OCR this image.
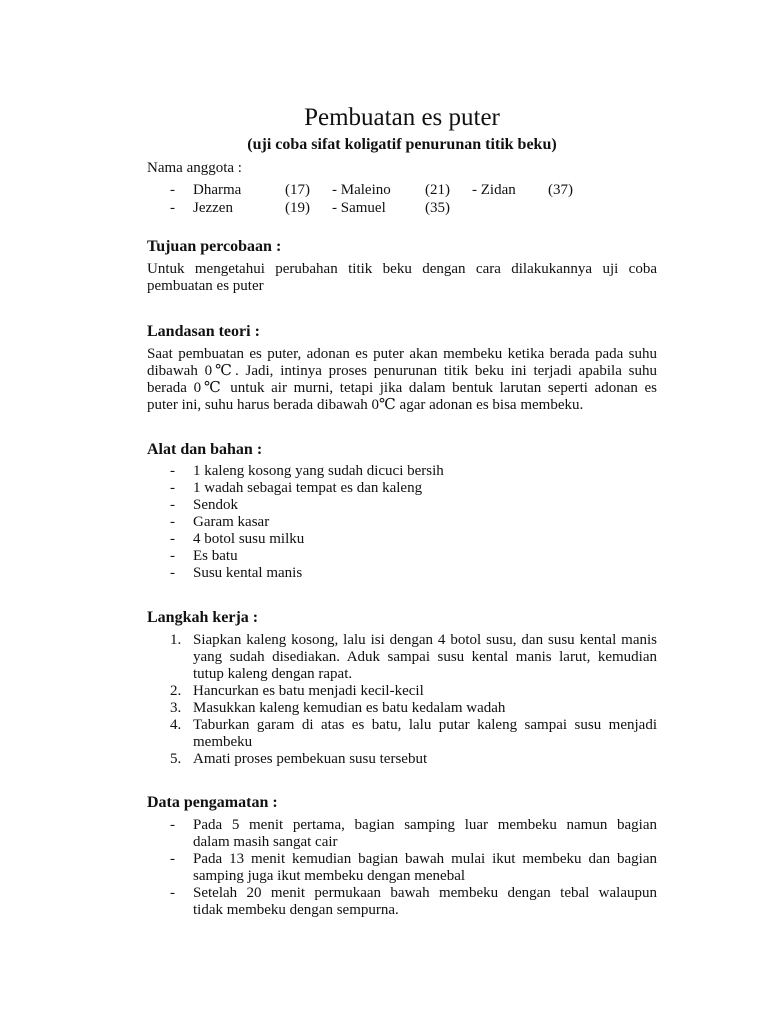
Pembuatan es puter
(uji coba sifat koligatif penurunan titik beku)
Nama anggota :
- Dharma	(17) - Maleino (21) - Zidan (37)
- Jezzen	(19) - Samuel	(35)
Tujuan percobaan :
Untuk mengetahui perubahan titik beku dengan cara dilakukannya uji coba
pembuatan es puter
Landasan teori :
Saat pembuatan es puter, adonan es puter akan membeku ketika berada pada suhu
dibawah 0℃. Jadi, intinya proses penurunan titik beku ini terjadi apabila suhu
berada 0℃ untuk air murni, tetapi jika dalam bentuk larutan seperti adonan es
puter ini, suhu harus berada dibawah 0℃ agar adonan es bisa membeku.
Alat dan bahan :
- 1 kaleng kosong yang sudah dicuci bersih
- 1 wadah sebagai tempat es dan kaleng
- Sendok
- Garam kasar
- 4 botol susu milku
- Es batu
- Susu kental manis
Langkah kerja :
1. Siapkan kaleng kosong, lalu isi dengan 4 botol susu, dan susu kental manis
yang sudah disediakan. Aduk sampai susu kental manis larut, kemudian
tutup kaleng dengan rapat.
2. Hancurkan es batu menjadi kecil-kecil
3. Masukkan kaleng kemudian es batu kedalam wadah
4. Taburkan garam di atas es batu, lalu putar kaleng sampai susu menjadi
membeku
5. Amati proses pembekuan susu tersebut
Data pengamatan :
- Pada 5 menit pertama, bagian samping luar membeku namun bagian
dalam masih sangat cair
- Pada 13 menit kemudian bagian bawah mulai ikut membeku dan bagian
samping juga ikut membeku dengan menebal
- Setelah 20 menit permukaan bawah membeku dengan tebal walaupun
tidak membeku dengan sempurna.
